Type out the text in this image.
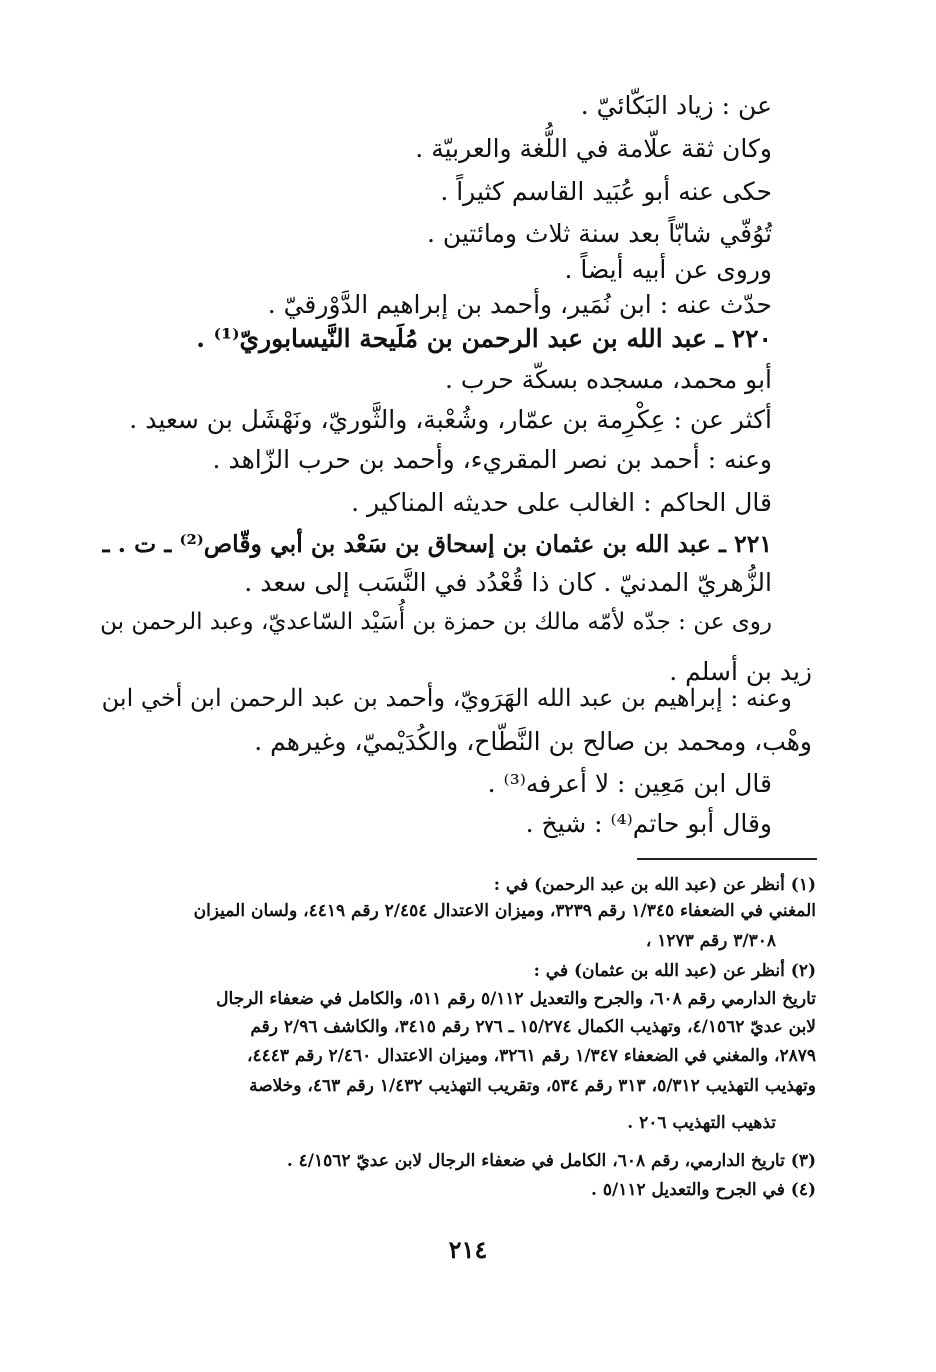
عن : زياد البَكّائيّ .
وكان ثقة علّامة في اللُّغة والعربيّة .
حكى عنه أبو عُبَيد القاسم كثيراً .
تُوُفّي شابّاً بعد سنة ثلاث ومائتين .
وروى عن أبيه أيضاً .
حدّث عنه : ابن نُمَير، وأحمد بن إبراهيم الدَّوْرقيّ .
٢٢٠ ـ عبد الله بن عبد الرحمن بن مُلَيحة النَّيسابوريّ⁽¹⁾ .
أبو محمد، مسجده بسكّة حرب .
أكثر عن : عِكْرِمة بن عمّار، وشُعْبة، والثَّوريّ، ونَهْشَل بن سعيد .
وعنه : أحمد بن نصر المقريء، وأحمد بن حرب الزّاهد .
قال الحاكم : الغالب على حديثه المناكير .
٢٢١ ـ عبد الله بن عثمان بن إسحاق بن سَعْد بن أبي وقّاص⁽²⁾ ـ ت . ـ
الزُّهريّ المدنيّ . كان ذا قُعْدُد في النَّسَب إلى سعد .
روى عن : جدّه لأمّه مالك بن حمزة بن أُسَيْد السّاعديّ، وعبد الرحمن بن
زيد بن أسلم .
وعنه : إبراهيم بن عبد الله الهَرَويّ، وأحمد بن عبد الرحمن ابن أخي ابن
وهْب، ومحمد بن صالح بن النَّطّاح، والكُدَيْميّ، وغيرهم .
قال ابن مَعِين : لا أعرفه⁽³⁾ .
وقال أبو حاتم⁽⁴⁾ : شيخ .
(١) أنظر عن (عبد الله بن عبد الرحمن) في :
المغني في الضعفاء ١/٣٤٥ رقم ٣٢٣٩، وميزان الاعتدال ٢/٤٥٤ رقم ٤٤١٩، ولسان الميزان
٣/٣٠٨ رقم ١٢٧٣ ،
(٢) أنظر عن (عبد الله بن عثمان) في :
تاريخ الدارمي رقم ٦٠٨، والجرح والتعديل ٥/١١٢ رقم ٥١١، والكامل في ضعفاء الرجال
لابن عديّ ٤/١٥٦٢، وتهذيب الكمال ١٥/٢٧٤ ـ ٢٧٦ رقم ٣٤١٥، والكاشف ٢/٩٦ رقم
٢٨٧٩، والمغني في الضعفاء ١/٣٤٧ رقم ٣٢٦١، وميزان الاعتدال ٢/٤٦٠ رقم ٤٤٤٣،
وتهذيب التهذيب ٥/٣١٢، ٣١٣ رقم ٥٣٤، وتقريب التهذيب ١/٤٣٢ رقم ٤٦٣، وخلاصة
تذهيب التهذيب ٢٠٦ .
(٣) تاريخ الدارمي، رقم ٦٠٨، الكامل في ضعفاء الرجال لابن عديّ ٤/١٥٦٢ .
(٤) في الجرح والتعديل ٥/١١٢ .
٢١٤
